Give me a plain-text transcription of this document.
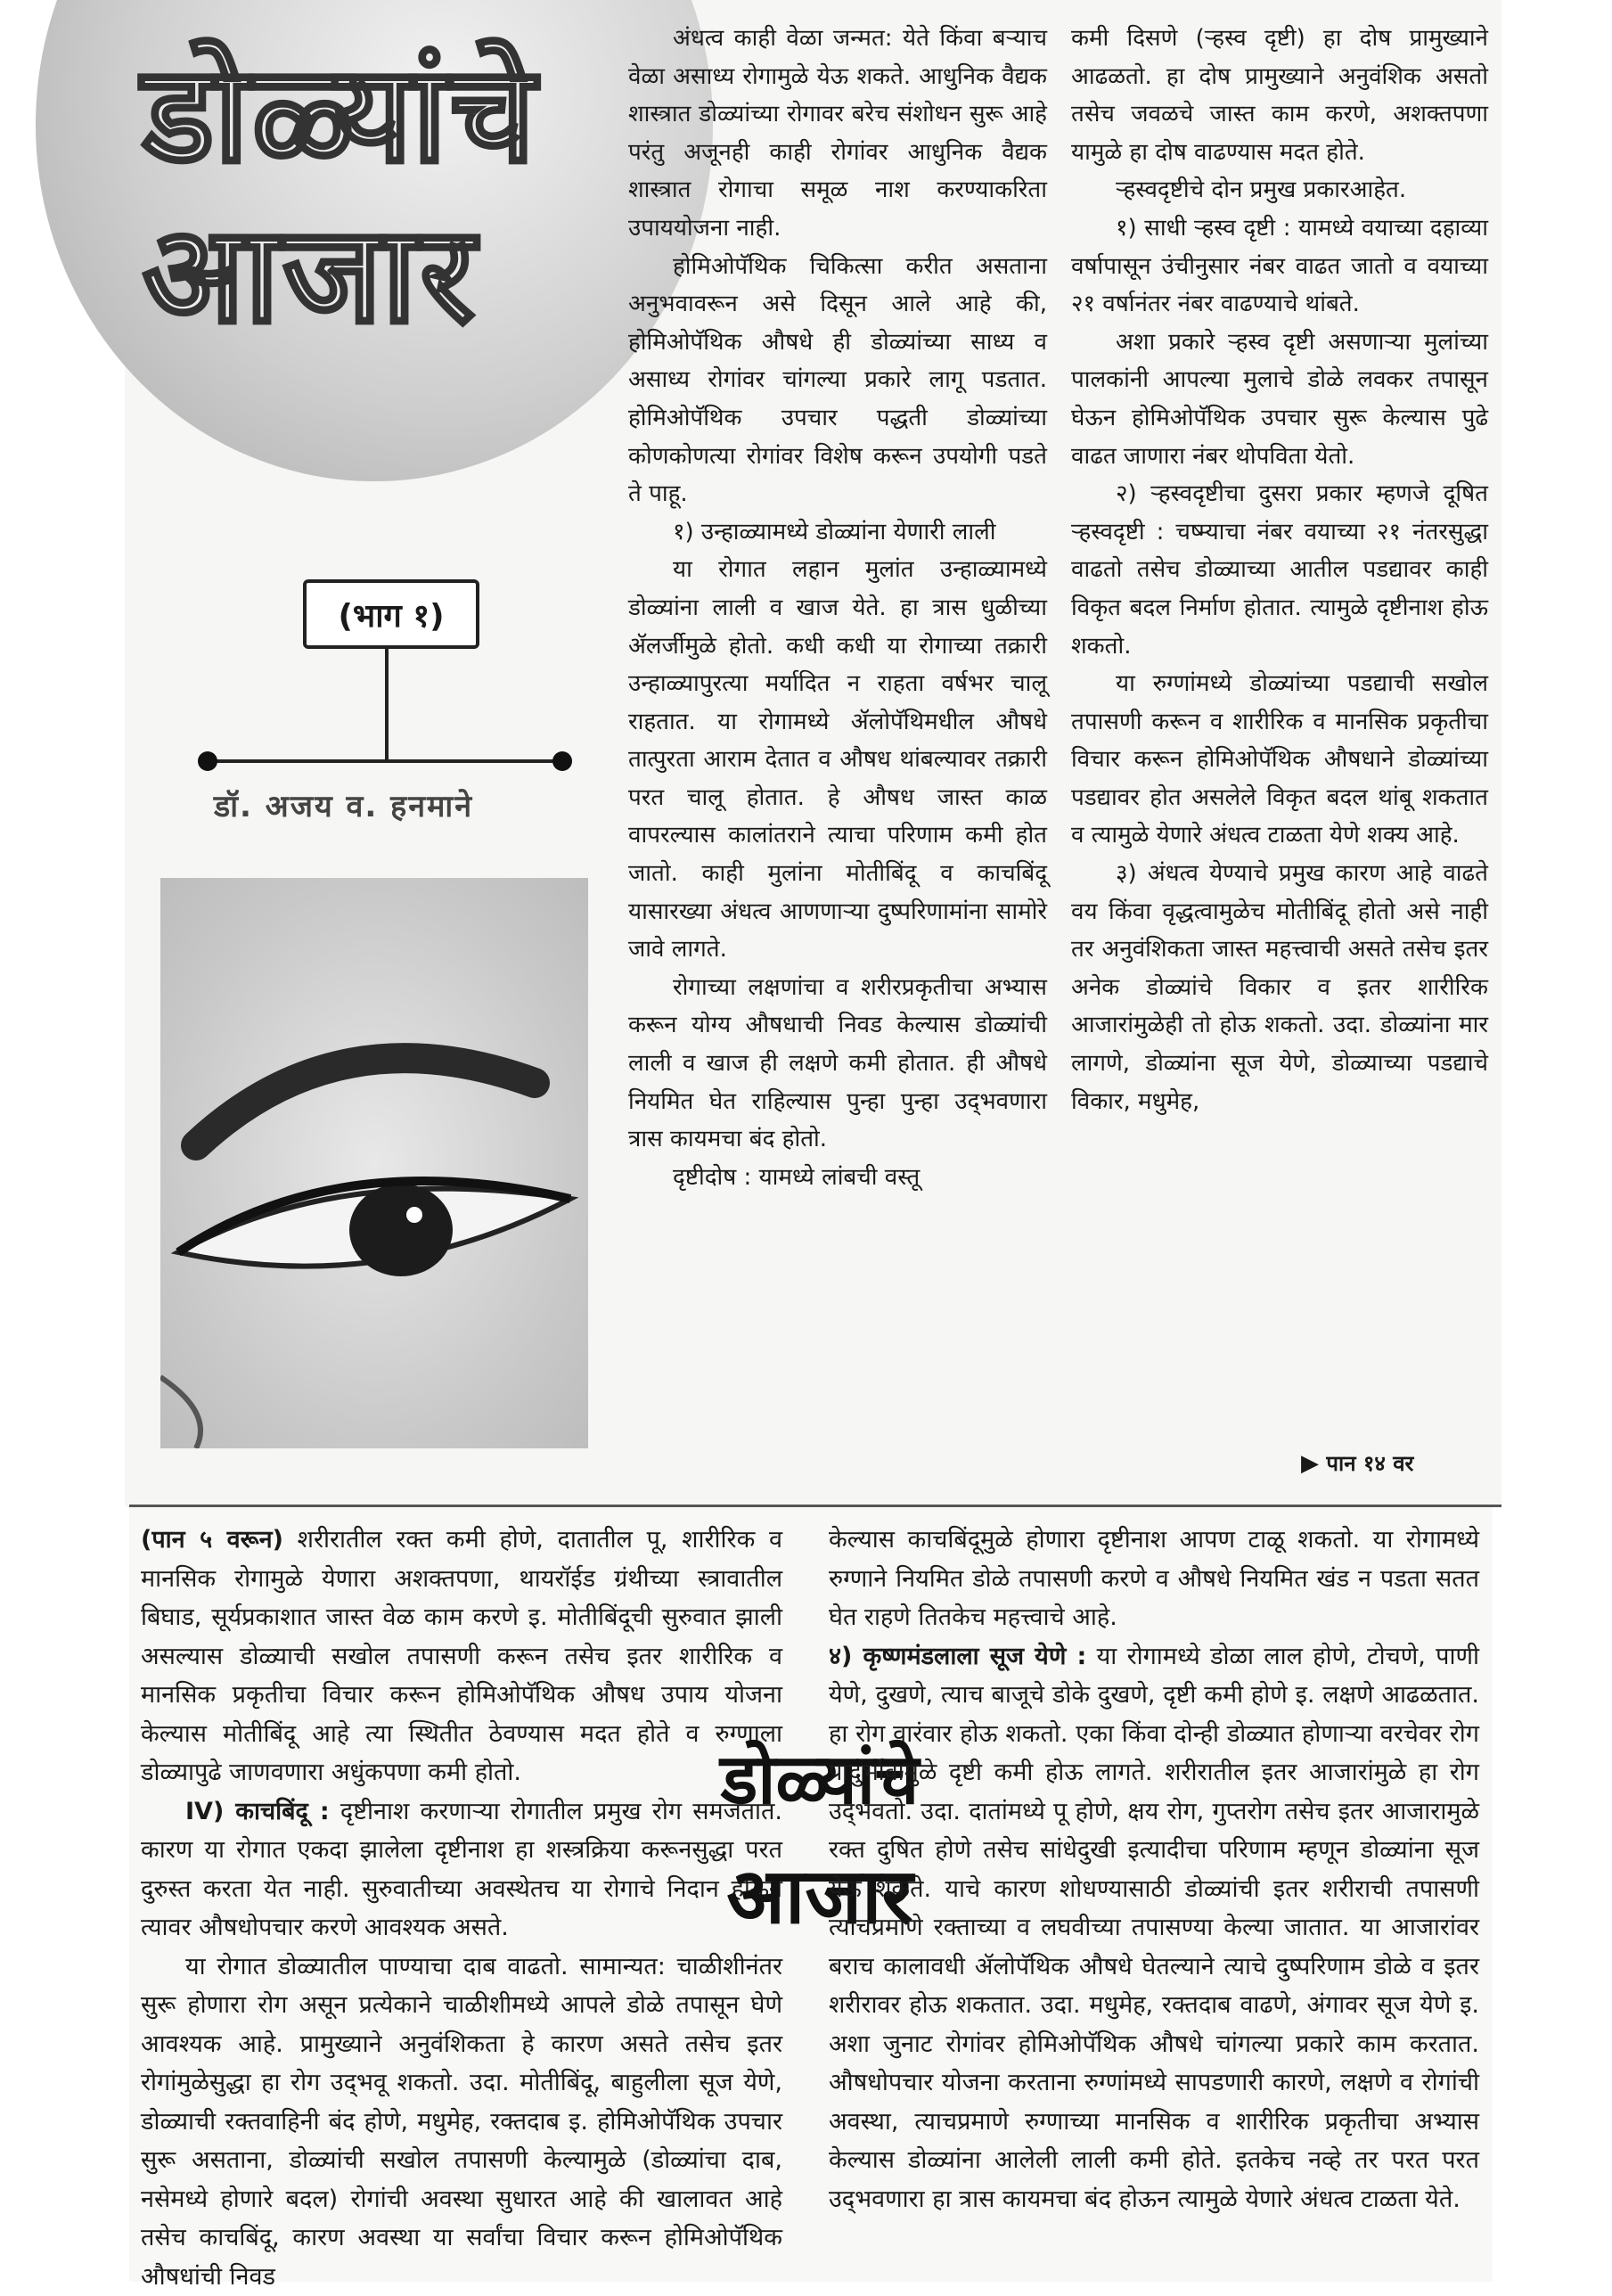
डोळ्यांचे
आजार
(भाग १)
डॉ. अजय व. हनमाने

अंधत्व काही वेळा जन्मत: येते किंवा बऱ्याच वेळा असाध्य रोगामुळे येऊ शकते. आधुनिक वैद्यक शास्त्रात डोळ्यांच्या रोगावर बरेच संशोधन सुरू आहे परंतु अजूनही काही रोगांवर आधुनिक वैद्यक शास्त्रात रोगाचा समूळ नाश करण्याकरिता उपाययोजना नाही.

होमिओपॅथिक चिकित्सा करीत असताना अनुभवावरून असे दिसून आले आहे की, होमिओपॅथिक औषधे ही डोळ्यांच्या साध्य व असाध्य रोगांवर चांगल्या प्रकारे लागू पडतात. होमिओपॅथिक उपचार पद्धती डोळ्यांच्या कोणकोणत्या रोगांवर विशेष करून उपयोगी पडते ते पाहू.

१) उन्हाळ्यामध्ये डोळ्यांना येणारी लाली

या रोगात लहान मुलांत उन्हाळ्यामध्ये डोळ्यांना लाली व खाज येते. हा त्रास धुळीच्या ॲलर्जीमुळे होतो. कधी कधी या रोगाच्या तक्रारी उन्हाळ्यापुरत्या मर्यादित न राहता वर्षभर चालू राहतात. या रोगामध्ये ॲलोपॅथिमधील औषधे तात्पुरता आराम देतात व औषध थांबल्यावर तक्रारी परत चालू होतात. हे औषध जास्त काळ वापरल्यास कालांतराने त्याचा परिणाम कमी होत जातो. काही मुलांना मोतीबिंदू व काचबिंदू यासारख्या अंधत्व आणणाऱ्या दुष्परिणामांना सामोरे जावे लागते.

रोगाच्या लक्षणांचा व शरीरप्रकृतीचा अभ्यास करून योग्य औषधाची निवड केल्यास डोळ्यांची लाली व खाज ही लक्षणे कमी होतात. ही औषधे नियमित घेत राहिल्यास पुन्हा पुन्हा उद्‌भवणारा त्रास कायमचा बंद होतो.

दृष्टीदोष : यामध्ये लांबची वस्तू

कमी दिसणे (ऱ्हस्व दृष्टी) हा दोष प्रामुख्याने आढळतो. हा दोष प्रामुख्याने अनुवंशिक असतो तसेच जवळचे जास्त काम करणे, अशक्तपणा यामुळे हा दोष वाढण्यास मदत होते.

ऱ्हस्वदृष्टीचे दोन प्रमुख प्रकारआहेत.

१) साधी ऱ्हस्व दृष्टी : यामध्ये वयाच्या दहाव्या वर्षापासून उंचीनुसार नंबर वाढत जातो व वयाच्या २१ वर्षानंतर नंबर वाढण्याचे थांबते.

अशा प्रकारे ऱ्हस्व दृष्टी असणाऱ्या मुलांच्या पालकांनी आपल्या मुलाचे डोळे लवकर तपासून घेऊन होमिओपॅथिक उपचार सुरू केल्यास पुढे वाढत जाणारा नंबर थोपविता येतो.

२) ऱ्हस्वदृष्टीचा दुसरा प्रकार म्हणजे दूषित ऱ्हस्वदृष्टी : चष्म्याचा नंबर वयाच्या २१ नंतरसुद्धा वाढतो तसेच डोळ्याच्या आतील पडद्यावर काही विकृत बदल निर्माण होतात. त्यामुळे दृष्टीनाश होऊ शकतो.

या रुग्णांमध्ये डोळ्यांच्या पडद्याची सखोल तपासणी करून व शारीरिक व मानसिक प्रकृतीचा विचार करून होमिओपॅथिक औषधाने डोळ्यांच्या पडद्यावर होत असलेले विकृत बदल थांबू शकतात व त्यामुळे येणारे अंधत्व टाळता येणे शक्य आहे.

३) अंधत्व येण्याचे प्रमुख कारण आहे वाढते वय किंवा वृद्धत्वामुळेच मोतीबिंदू होतो असे नाही तर अनुवंशिकता जास्त महत्त्वाची असते तसेच इतर अनेक डोळ्यांचे विकार व इतर शारीरिक आजारांमुळेही तो होऊ शकतो. उदा. डोळ्यांना मार लागणे, डोळ्यांना सूज येणे, डोळ्याच्या पडद्याचे विकार, मधुमेह,

▶ पान १४ वर

(पान ५ वरून) शरीरातील रक्त कमी होणे, दातातील पू, शारीरिक व मानसिक रोगामुळे येणारा अशक्तपणा, थायरॉईड ग्रंथीच्या स्त्रावातील बिघाड, सूर्यप्रकाशात जास्त वेळ काम करणे इ. मोतीबिंदूची सुरुवात झाली असल्यास डोळ्याची सखोल तपासणी करून तसेच इतर शारीरिक व मानसिक प्रकृतीचा विचार करून होमिओपॅथिक औषध उपाय योजना केल्यास मोतीबिंदू आहे त्या स्थितीत ठेवण्यास मदत होते व रुग्णाला डोळ्यापुढे जाणवणारा अधुंकपणा कमी होतो.

IV) काचबिंदू : दृष्टीनाश करणाऱ्या रोगातील प्रमुख रोग समजतात. कारण या रोगात एकदा झालेला दृष्टीनाश हा शस्त्रक्रिया करूनसुद्धा परत दुरुस्त करता येत नाही. सुरुवातीच्या अवस्थेतच या रोगाचे निदान होऊन त्यावर औषधोपचार करणे आवश्यक असते.

या रोगात डोळ्यातील पाण्याचा दाब वाढतो. सामान्यत: चाळीशीनंतर सुरू होणारा रोग असून प्रत्येकाने चाळीशीमध्ये आपले डोळे तपासून घेणे आवश्यक आहे. प्रामुख्याने अनुवंशिकता हे कारण असते तसेच इतर रोगांमुळेसुद्धा हा रोग उद्‌भवू शकतो. उदा. मोतीबिंदू, बाहुलीला सूज येणे, डोळ्याची रक्तवाहिनी बंद होणे, मधुमेह, रक्तदाब इ. होमिओपॅथिक उपचार सुरू असताना, डोळ्यांची सखोल तपासणी केल्यामुळे (डोळ्यांचा दाब, नसेमध्ये होणारे बदल) रोगांची अवस्था सुधारत आहे की खालावत आहे तसेच काचबिंदू, कारण अवस्था या सर्वांचा विचार करून होमिओपॅथिक औषधांची निवड

डोळ्यांचे
आजार

केल्यास काचबिंदूमुळे होणारा दृष्टीनाश आपण टाळू शकतो. या रोगामध्ये रुग्णाने नियमित डोळे तपासणी करणे व औषधे नियमित खंड न पडता सतत घेत राहणे तितकेच महत्त्वाचे आहे.

४) कृष्णमंडलाला सूज येणे : या रोगामध्ये डोळा लाल होणे, टोचणे, पाणी येणे, दुखणे, त्याच बाजूचे डोके दुखणे, दृष्टी कमी होणे इ. लक्षणे आढळतात. हा रोग वारंवार होऊ शकतो. एका किंवा दोन्ही डोळ्यात होणाऱ्या वरचेवर रोग प्रादुर्भावामुळे दृष्टी कमी होऊ लागते. शरीरातील इतर आजारांमुळे हा रोग उद्‌भवतो. उदा. दातांमध्ये पू होणे, क्षय रोग, गुप्तरोग तसेच इतर आजारामुळे रक्त दुषित होणे तसेच सांधेदुखी इत्यादीचा परिणाम म्हणून डोळ्यांना सूज येऊ शकते. याचे कारण शोधण्यासाठी डोळ्यांची इतर शरीराची तपासणी त्याचप्रमाणे रक्ताच्या व लघवीच्या तपासण्या केल्या जातात. या आजारांवर बराच कालावधी ॲलोपॅथिक औषधे घेतल्याने त्याचे दुष्परिणाम डोळे व इतर शरीरावर होऊ शकतात. उदा. मधुमेह, रक्तदाब वाढणे, अंगावर सूज येणे इ. अशा जुनाट रोगांवर होमिओपॅथिक औषधे चांगल्या प्रकारे काम करतात. औषधोपचार योजना करताना रुग्णांमध्ये सापडणारी कारणे, लक्षणे व रोगांची अवस्था, त्याचप्रमाणे रुग्णाच्या मानसिक व शारीरिक प्रकृतीचा अभ्यास केल्यास डोळ्यांना आलेली लाली कमी होते. इतकेच नव्हे तर परत परत उद्‌भवणारा हा त्रास कायमचा बंद होऊन त्यामुळे येणारे अंधत्व टाळता येते.
